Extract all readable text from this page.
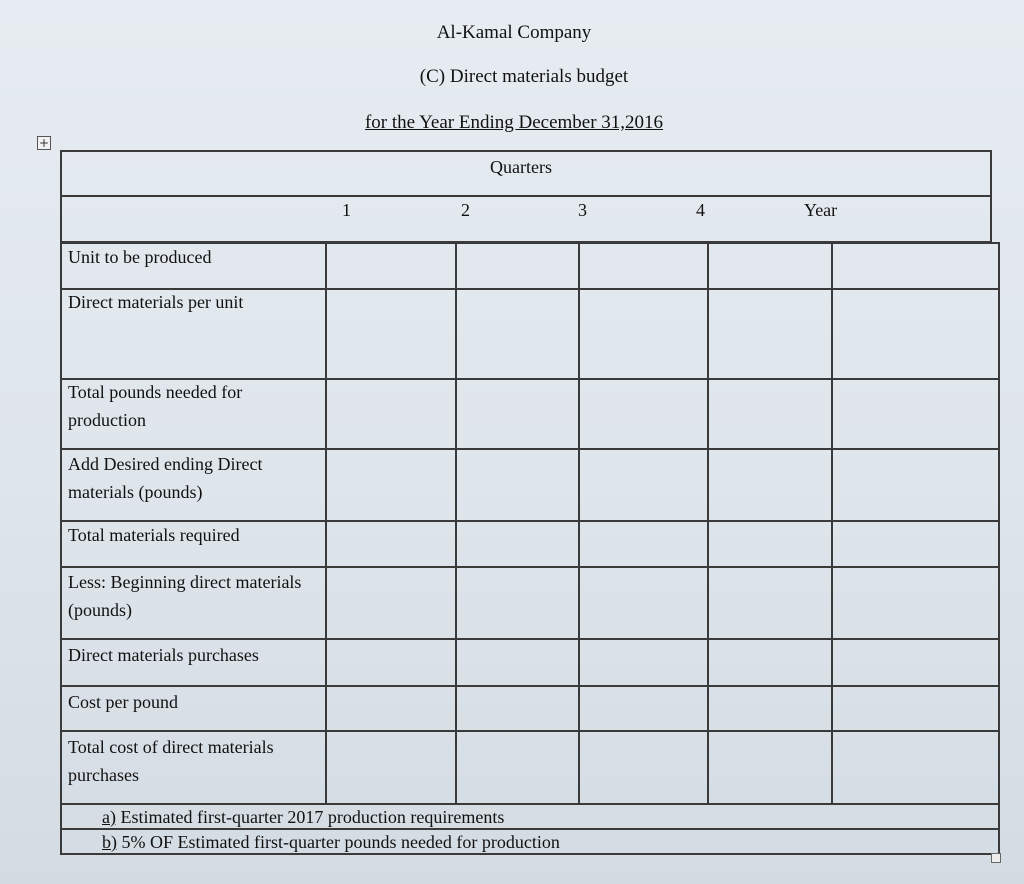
Al-Kamal Company
(C) Direct materials budget
for the Year Ending December 31,2016
+
Quarters
1	2	3	4	Year
Unit to be produced
Direct materials per unit
Total pounds needed for production
Add Desired ending Direct materials (pounds)
Total materials required
Less: Beginning direct materials (pounds)
Direct materials purchases
Cost per pound
Total cost of direct materials purchases
a) Estimated first-quarter 2017 production requirements
b) 5% OF Estimated first-quarter pounds needed for production
